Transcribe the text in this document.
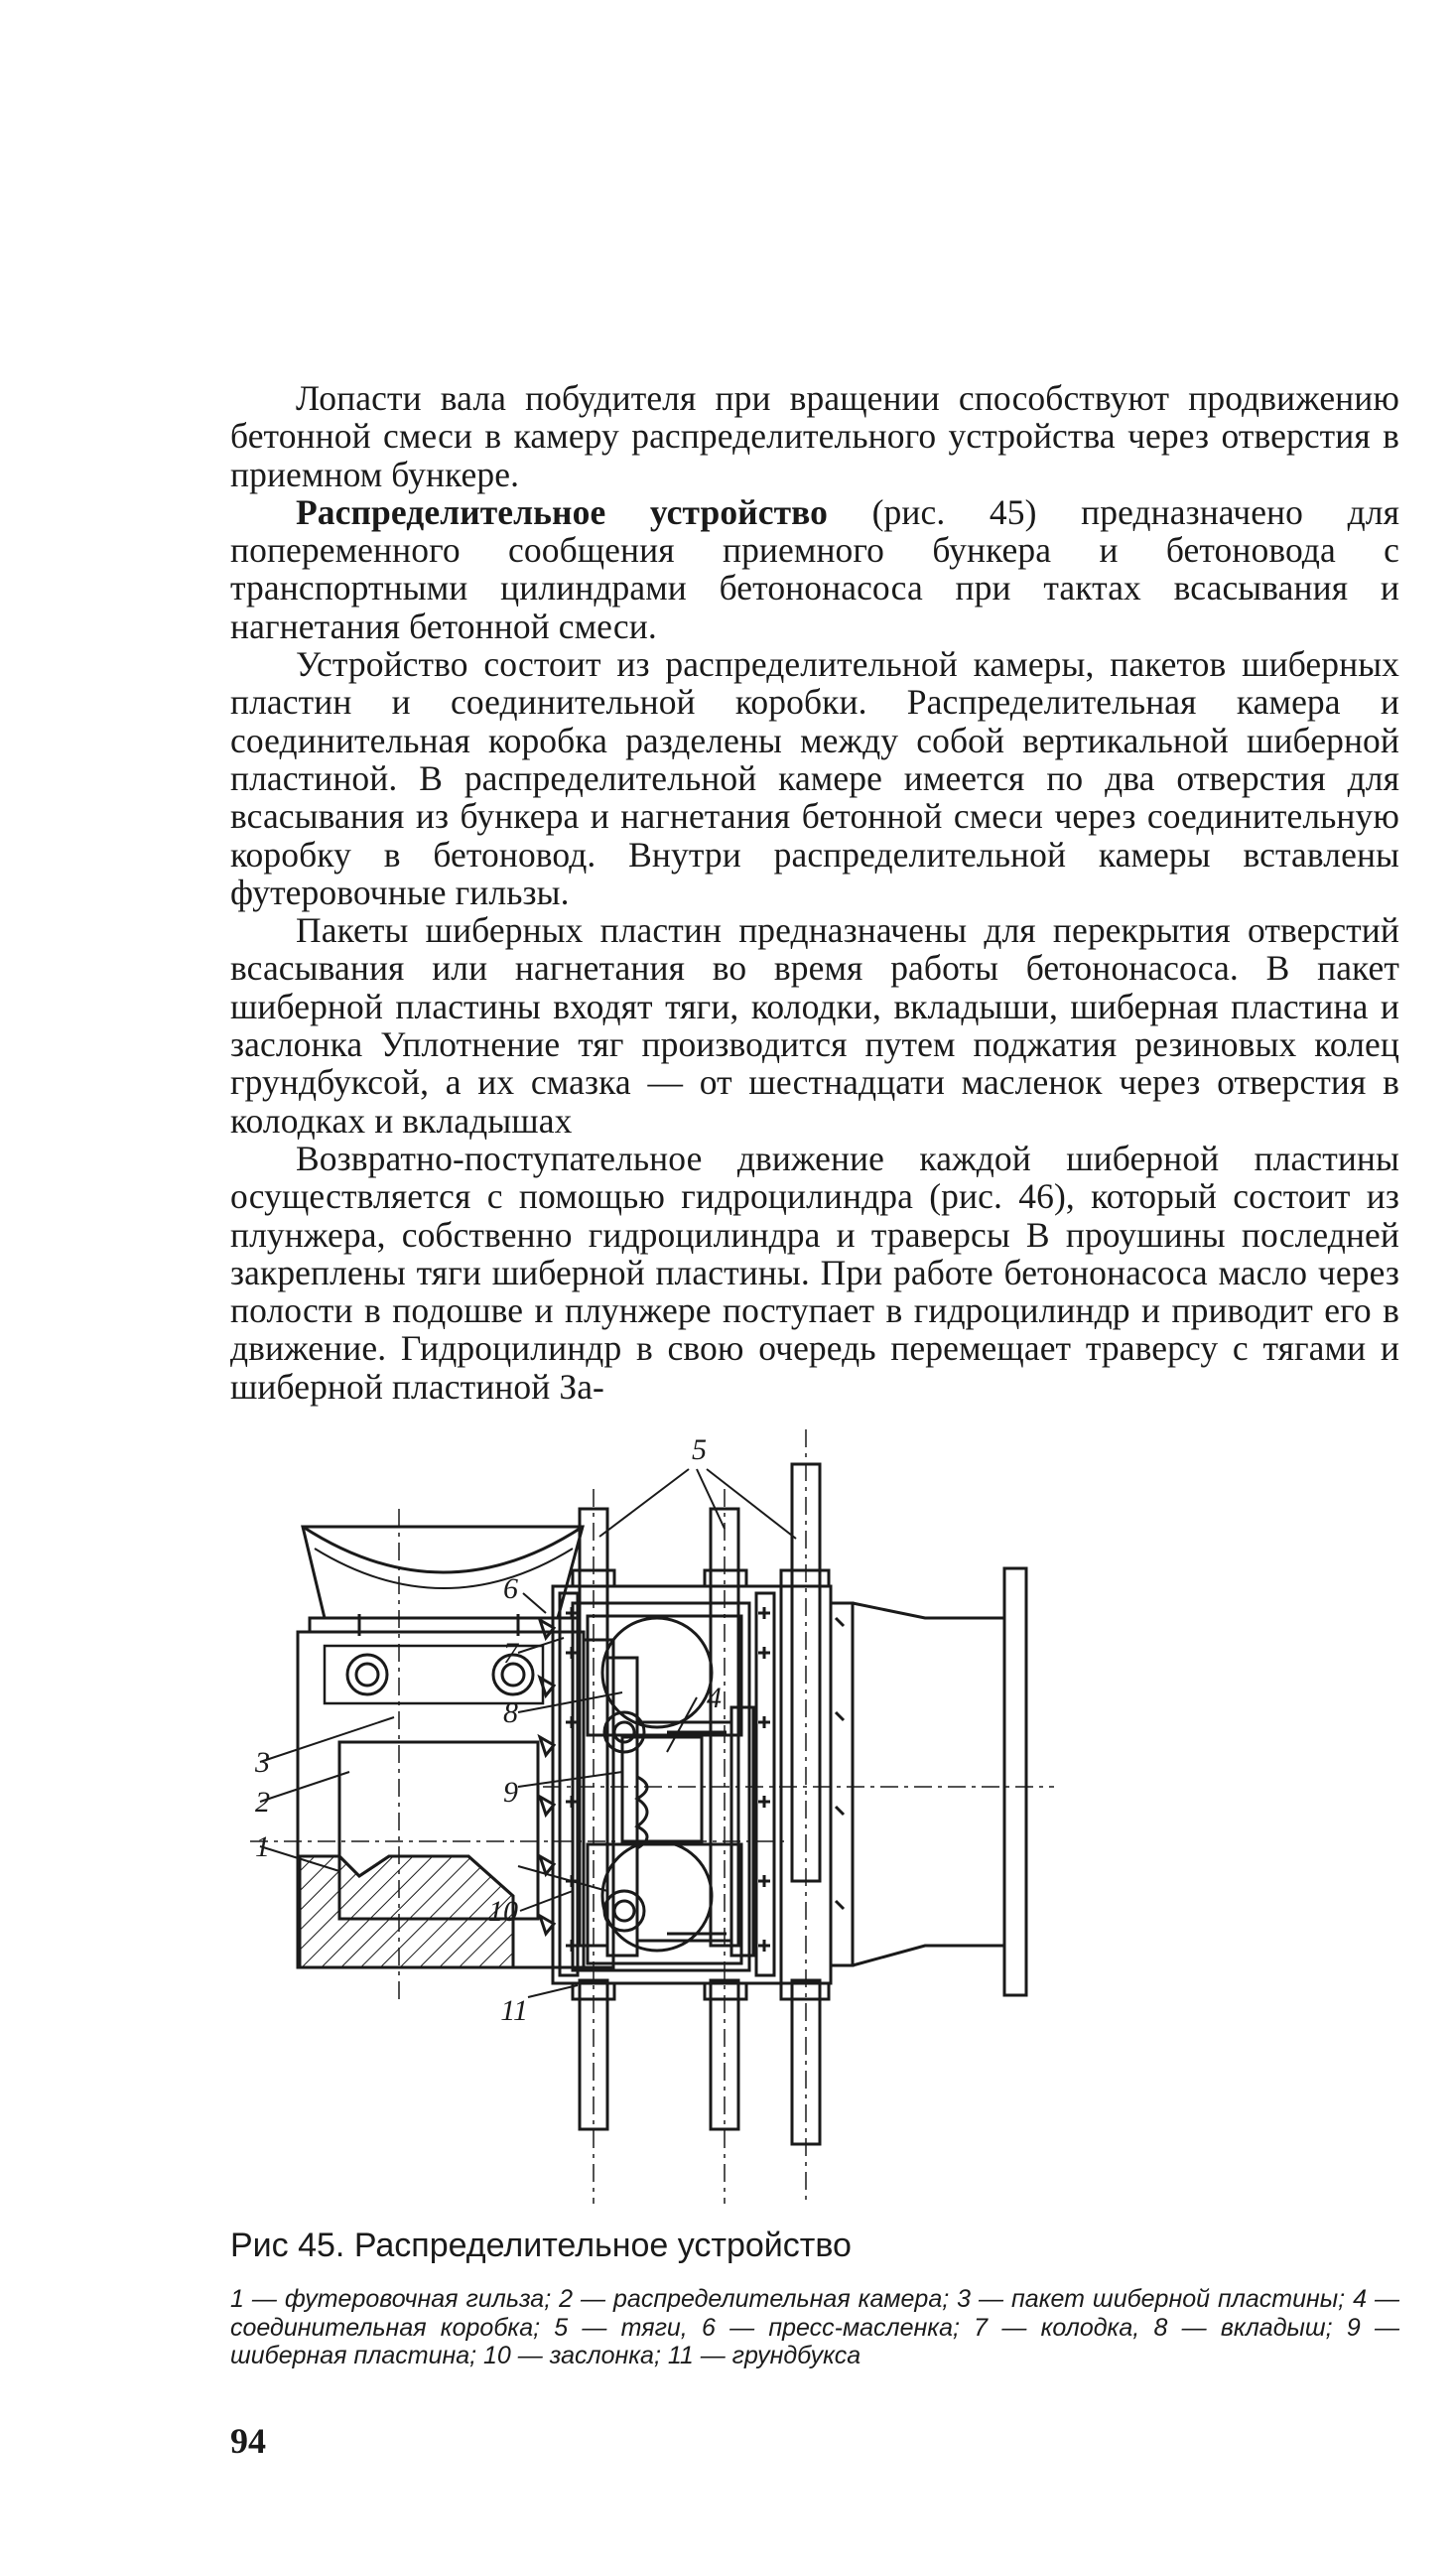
Лопасти вала побудителя при вращении способствуют продвижению бетонной смеси в камеру распределительного устройства через отверстия в приемном бункере.

Распределительное устройство (рис. 45) предназначено для попеременного сообщения приемного бункера и бетоновода с транспортными цилиндрами бетононасоса при тактах всасывания и нагнетания бетонной смеси.

Устройство состоит из распределительной камеры, пакетов шиберных пластин и соединительной коробки. Распределительная камера и соединительная коробка разделены между собой вертикальной шиберной пластиной. В распределительной камере имеется по два отверстия для всасывания из бункера и нагнетания бетонной смеси через соединительную коробку в бетоновод. Внутри распределительной камеры вставлены футеровочные гильзы.

Пакеты шиберных пластин предназначены для перекрытия отверстий всасывания или нагнетания во время работы бетононасоса. В пакет шиберной пластины входят тяги, колодки, вкладыши, шиберная пластина и заслонка Уплотнение тяг производится путем поджатия резиновых колец грундбуксой, а их смазка — от шестнадцати масленок через отверстия в колодках и вкладышах

Возвратно-поступательное движение каждой шиберной пластины осуществляется с помощью гидроцилиндра (рис. 46), который состоит из плунжера, собственно гидроцилиндра и траверсы В проушины последней закреплены тяги шиберной пластины. При работе бетононасоса масло через полости в подошве и плунжере поступает в гидроцилиндр и приводит его в движение. Гидроцилиндр в свою очередь перемещает траверсу с тягами и шиберной пластиной За-

3
2
1
4
5
6
7
8
9
10
11
Рис 45. Распределительное устройство
1 — футеровочная гильза; 2 — распределительная камера; 3 — пакет шиберной пластины; 4 — соединительная коробка; 5 — тяги, 6 — пресс-масленка; 7 — колодка, 8 — вкладыш; 9 — шиберная пластина; 10 — заслонка; 11 — грундбукса
94
